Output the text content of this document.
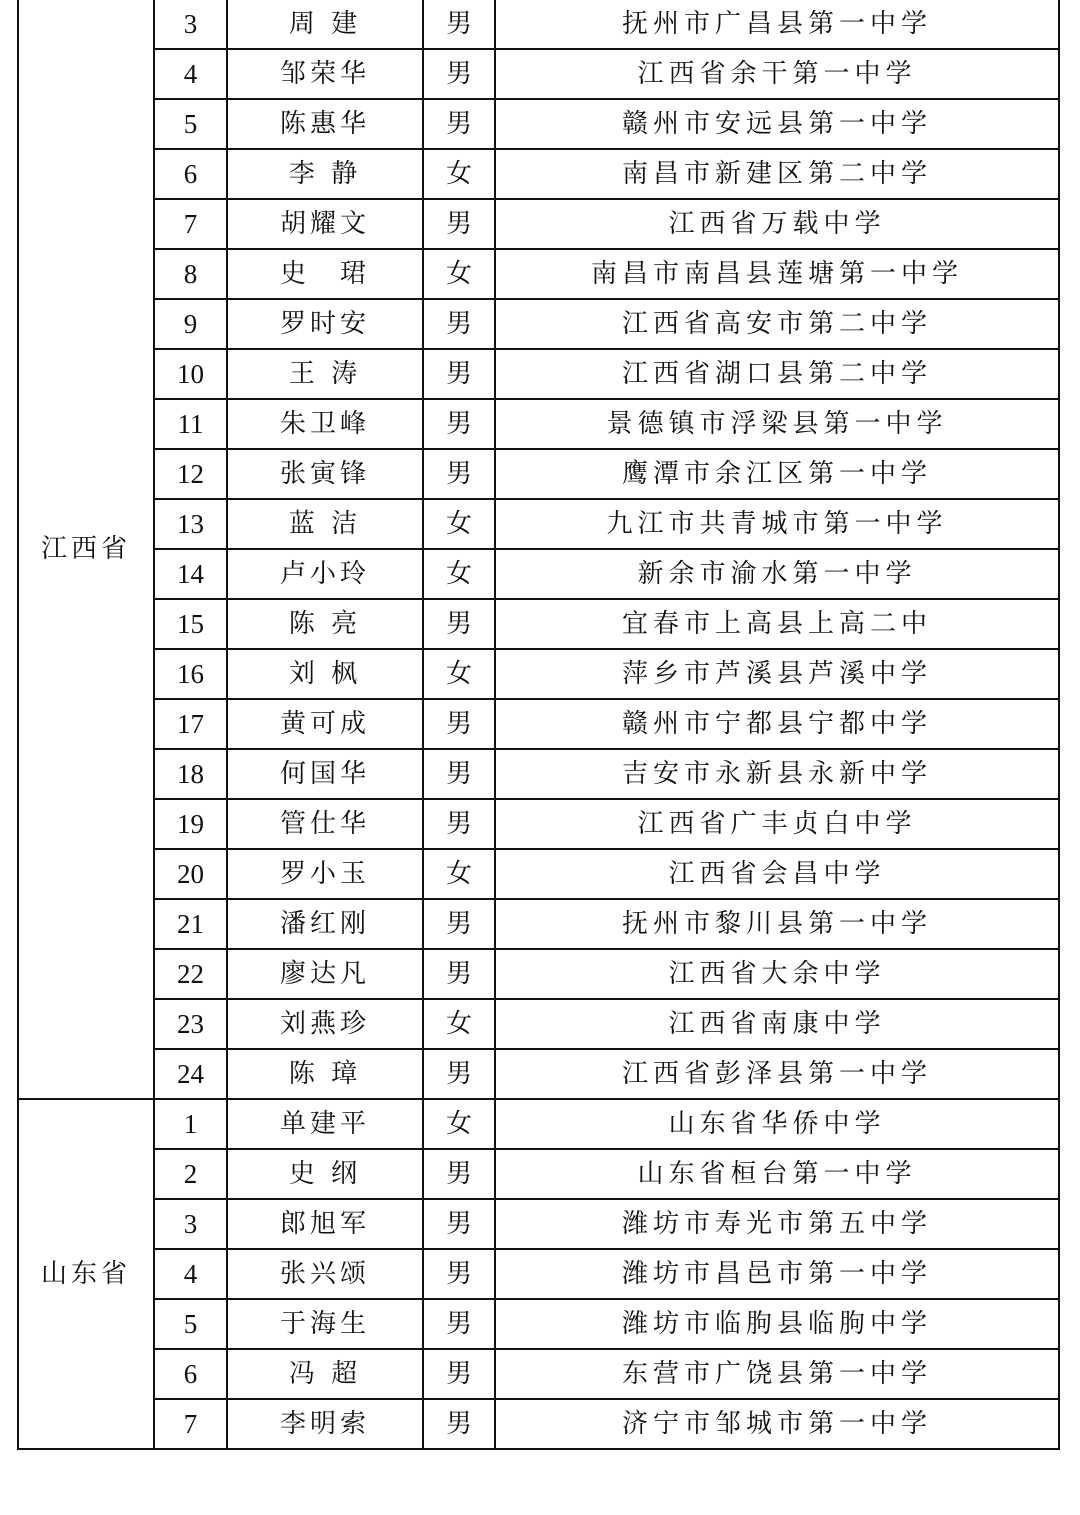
江西省	3	周 建	男	抚州市广昌县第一中学
	4	邹荣华	男	江西省余干第一中学
	5	陈惠华	男	赣州市安远县第一中学
	6	李 静	女	南昌市新建区第二中学
	7	胡耀文	男	江西省万载中学
	8	史　珺	女	南昌市南昌县莲塘第一中学
	9	罗时安	男	江西省高安市第二中学
	10	王 涛	男	江西省湖口县第二中学
	11	朱卫峰	男	景德镇市浮梁县第一中学
	12	张寅锋	男	鹰潭市余江区第一中学
	13	蓝 洁	女	九江市共青城市第一中学
	14	卢小玲	女	新余市渝水第一中学
	15	陈 亮	男	宜春市上高县上高二中
	16	刘 枫	女	萍乡市芦溪县芦溪中学
	17	黄可成	男	赣州市宁都县宁都中学
	18	何国华	男	吉安市永新县永新中学
	19	管仕华	男	江西省广丰贞白中学
	20	罗小玉	女	江西省会昌中学
	21	潘红刚	男	抚州市黎川县第一中学
	22	廖达凡	男	江西省大余中学
	23	刘燕珍	女	江西省南康中学
	24	陈 璋	男	江西省彭泽县第一中学
山东省	1	单建平	女	山东省华侨中学
	2	史 纲	男	山东省桓台第一中学
	3	郎旭军	男	潍坊市寿光市第五中学
	4	张兴颂	男	潍坊市昌邑市第一中学
	5	于海生	男	潍坊市临朐县临朐中学
	6	冯 超	男	东营市广饶县第一中学
	7	李明索	男	济宁市邹城市第一中学
